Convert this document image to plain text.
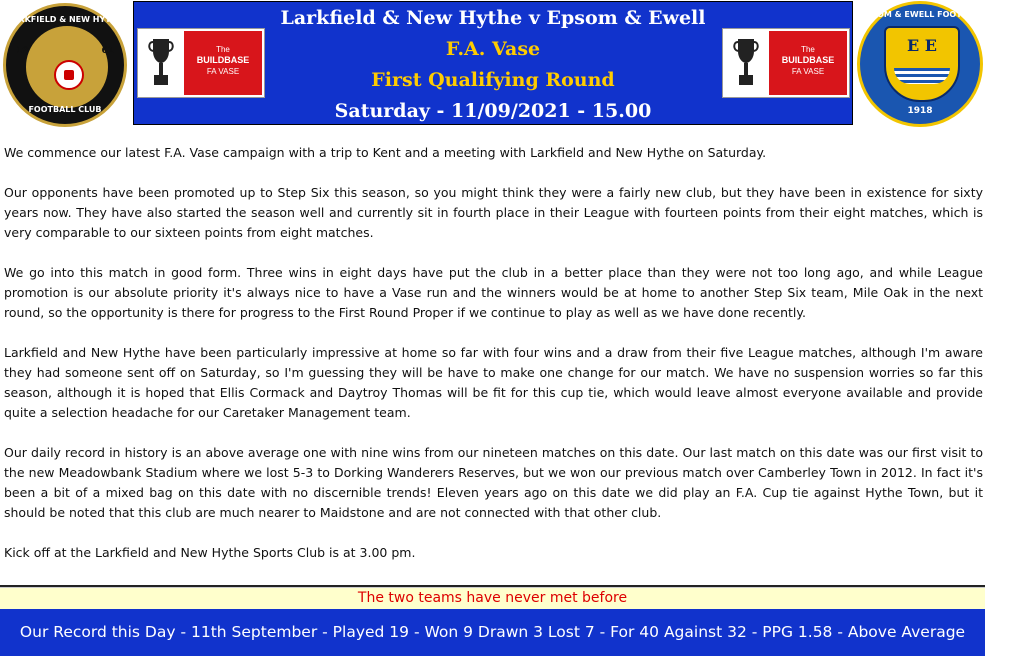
LARKFIELD & NEW HYTHE
19	61
FOOTBALL CLUB
Larkfield & New Hythe v Epsom & Ewell
F.A. Vase
First Qualifying Round
Saturday - 11/09/2021 - 15.00
The
BUILDBASE
FA VASE
The
BUILDBASE
FA VASE
EPSOM & EWELL FOOTBALL CLUB
E E
1918

We commence our latest F.A. Vase campaign with a trip to Kent and a meeting with Larkfield and New Hythe on Saturday.

Our opponents have been promoted up to Step Six this season, so you might think they were a fairly new club, but they have been in existence for sixty years now. They have also started the season well and currently sit in fourth place in their League with fourteen points from their eight matches, which is very comparable to our sixteen points from eight matches.

We go into this match in good form. Three wins in eight days have put the club in a better place than they were not too long ago, and while League promotion is our absolute priority it's always nice to have a Vase run and the winners would be at home to another Step Six team, Mile Oak in the next round, so the opportunity is there for progress to the First Round Proper if we continue to play as well as we have done recently.

Larkfield and New Hythe have been particularly impressive at home so far with four wins and a draw from their five League matches, although I'm aware they had someone sent off on Saturday, so I'm guessing they will be have to make one change for our match. We have no suspension worries so far this season, although it is hoped that Ellis Cormack and Daytroy Thomas will be fit for this cup tie, which would leave almost everyone available and provide quite a selection headache for our Caretaker Management team.

Our daily record in history is an above average one with nine wins from our nineteen matches on this date. Our last match on this date was our first visit to the new Meadowbank Stadium where we lost 5-3 to Dorking Wanderers Reserves, but we won our previous match over Camberley Town in 2012. In fact it's been a bit of a mixed bag on this date with no discernible trends! Eleven years ago on this date we did play an F.A. Cup tie against Hythe Town, but it should be noted that this club are much nearer to Maidstone and are not connected with that other club.

Kick off at the Larkfield and New Hythe Sports Club is at 3.00 pm.

The two teams have never met before
Our Record this Day - 11th September - Played 19 - Won 9 Drawn 3 Lost 7 - For 40 Against 32 - PPG 1.58 - Above Average
